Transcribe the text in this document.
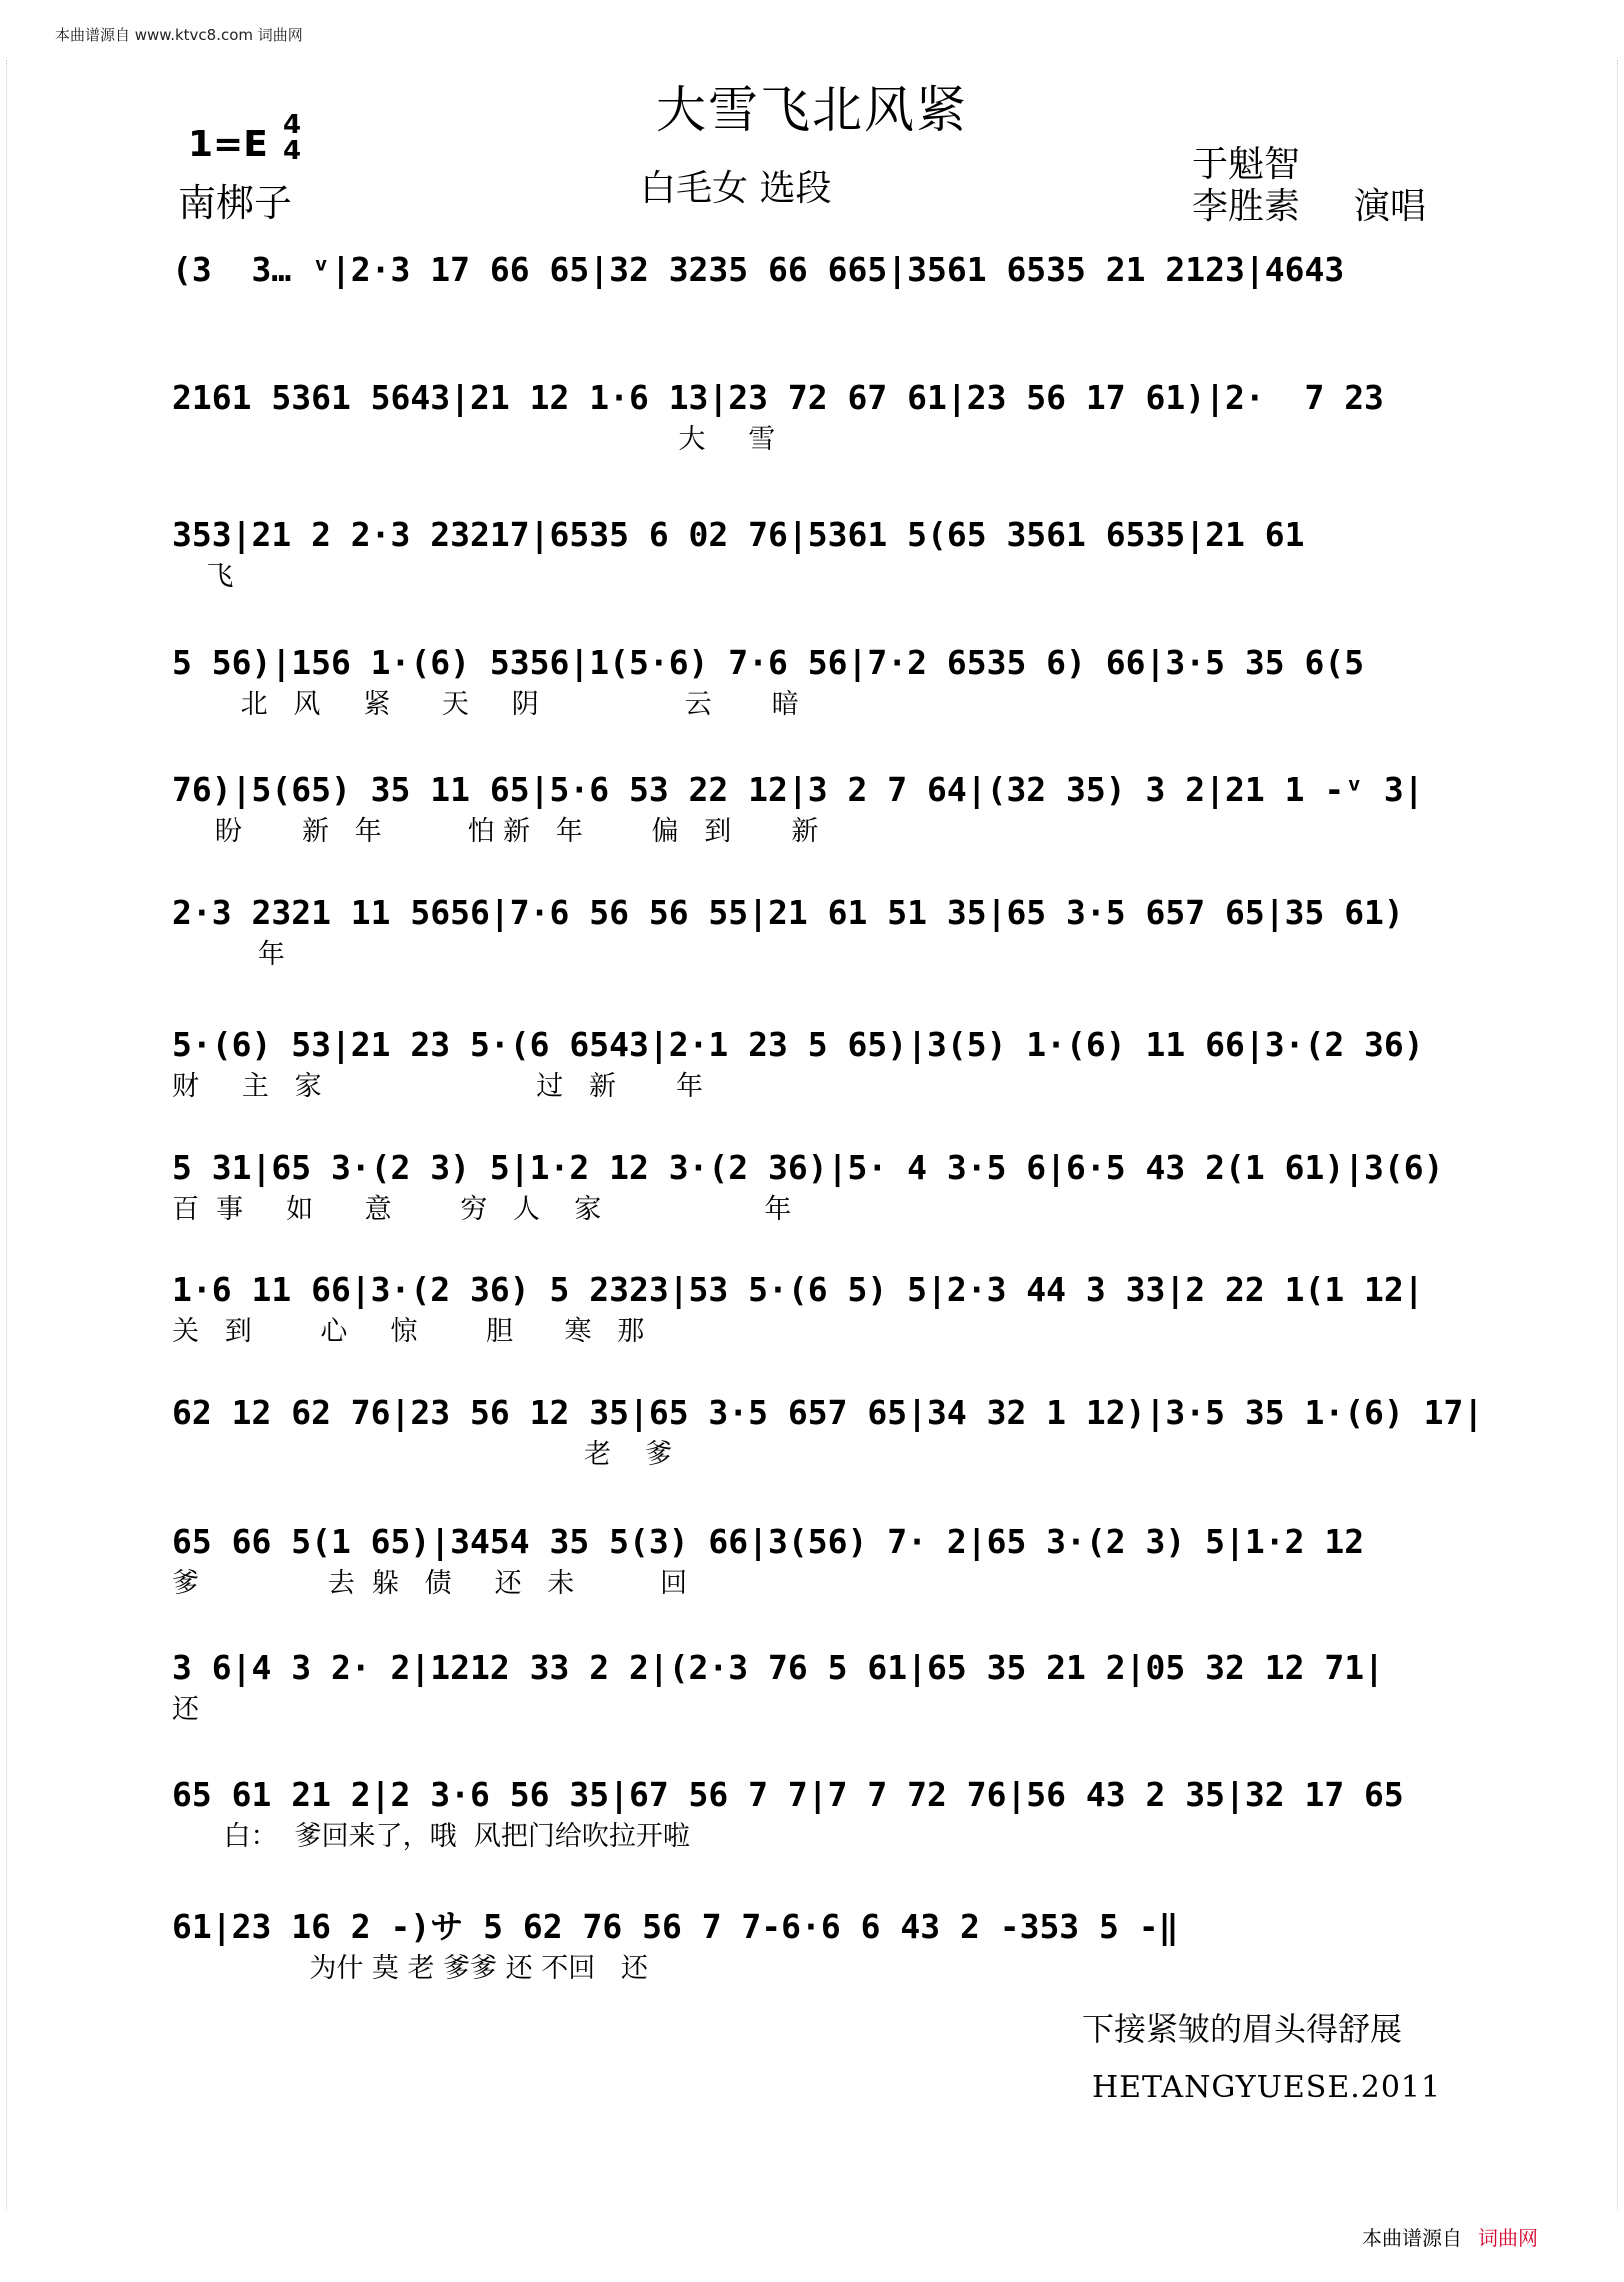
本曲谱源自 www.ktvc8.com 词曲网
大雪飞北风紧
1=E 4
4
南梆子	白毛女 选段
于魁智
李胜素 演唱
(3  3… ᵛ|2·3 17 66 65|32 3235 66 665|3561 6535 21 2123|4643
2161 5361 5643|21 12 1·6 13|23 72 67 61|23 56 17 61)|2·  7 23
大     雪
353|21 2 2·3 23217|6535 6 02 76|5361 5(65 3561 6535|21 61
飞
5 56)|156 1·(6) 5356|1(5·6) 7·6 56|7·2 6535 6) 66|3·5 35 6(5
北   风     紧      天     阴                 云       暗
76)|5(65) 35 11 65|5·6 53 22 12|3 2 7 64|(32 35) 3 2|21 1 -ᵛ 3|
盼       新   年          怕 新   年        偏   到       新
2·3 2321 11 5656|7·6 56 56 55|21 61 51 35|65 3·5 657 65|35 61)
年
5·(6) 53|21 23 5·(6 6543|2·1 23 5 65)|3(5) 1·(6) 11 66|3·(2 36)
财     主   家                         过   新       年
5 31|65 3·(2 3) 5|1·2 12 3·(2 36)|5· 4 3·5 6|6·5 43 2(1 61)|3(6)
百  事     如      意        穷   人    家                   年
1·6 11 66|3·(2 36) 5 2323|53 5·(6 5) 5|2·3 44 3 33|2 22 1(1 12|
关   到        心     惊        胆      寒   那
62 12 62 76|23 56 12 35|65 3·5 657 65|34 32 1 12)|3·5 35 1·(6) 17|
老    爹
65 66 5(1 65)|3454 35 5(3) 66|3(56) 7· 2|65 3·(2 3) 5|1·2 12
爹               去  躲   债     还   未          回
3 6|4 3 2· 2|1212 33 2 2|(2·3 76 5 61|65 35 21 2|05 32 12 71|
还
65 61 21 2|2 3·6 56 35|67 56 7 7|7 7 72 76|56 43 2 35|32 17 65
白：  爹回来了，哦  风把门给吹拉开啦
61|23 16 2 -)サ 5 62 76 56 7 7-6·6 6 43 2 -353 5 -‖
为什 莫 老 爹爹 还 不回   还
下接紧皱的眉头得舒展
HETANGYUESE.2011
本曲谱源自 词曲网
